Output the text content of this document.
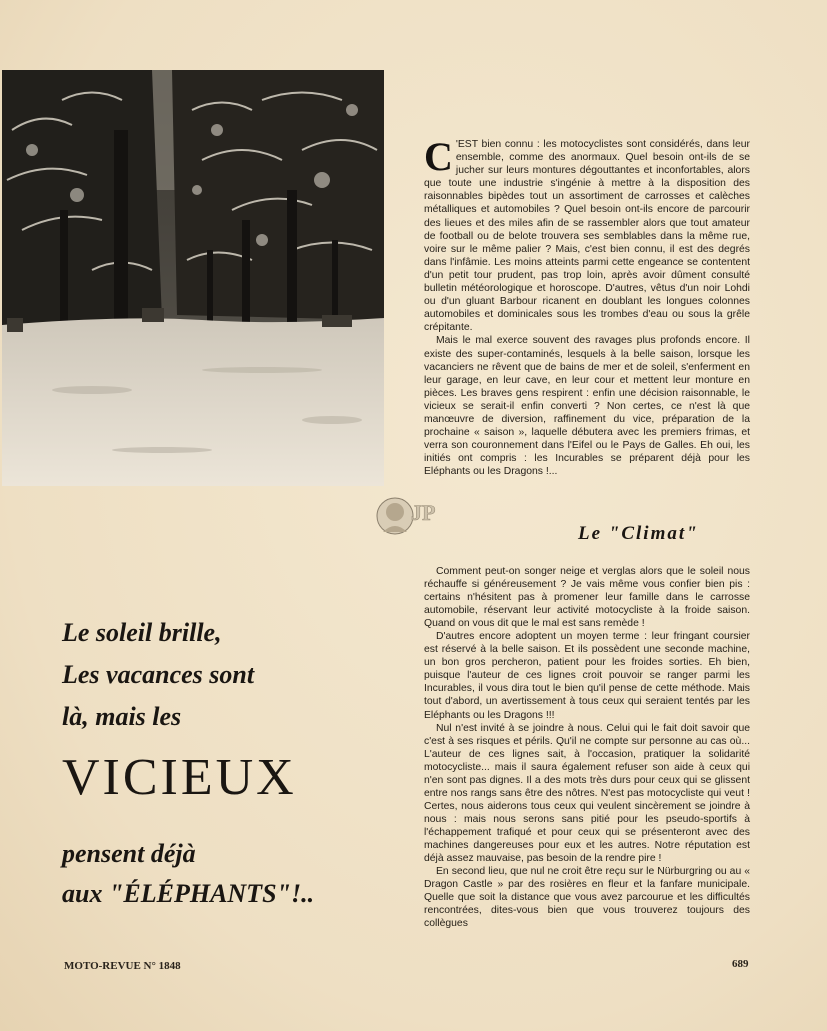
JP

C 'EST bien connu : les motocyclistes sont considérés, dans leur ensemble, comme des anormaux. Quel besoin ont-ils de se jucher sur leurs montures dégouttantes et inconfortables, alors que toute une industrie s'ingénie à mettre à la disposition des raisonnables bipèdes tout un assortiment de carrosses et calèches métalliques et automobiles ? Quel besoin ont-ils encore de parcourir des lieues et des miles afin de se rassembler alors que tout amateur de football ou de belote trouvera ses semblables dans la même rue, voire sur le même palier ? Mais, c'est bien connu, il est des degrés dans l'infâmie. Les moins atteints parmi cette engeance se contentent d'un petit tour prudent, pas trop loin, après avoir dûment consulté bulletin météorologique et horoscope. D'autres, vêtus d'un noir Lohdi ou d'un gluant Barbour ricanent en doublant les longues colonnes automobiles et dominicales sous les trombes d'eau ou sous la grêle crépitante.

Mais le mal exerce souvent des ravages plus profonds encore. Il existe des super-contaminés, lesquels à la belle saison, lorsque les vacanciers ne rêvent que de bains de mer et de soleil, s'enferment en leur garage, en leur cave, en leur cour et mettent leur monture en pièces. Les braves gens respirent : enfin une décision raisonnable, le vicieux se serait-il enfin converti ? Non certes, ce n'est là que manœuvre de diversion, raffinement du vice, préparation de la prochaine « saison », laquelle débutera avec les premiers frimas, et verra son couronnement dans l'Eifel ou le Pays de Galles. Eh oui, les initiés ont compris : les Incurables se préparent déjà pour les Eléphants ou les Dragons !...

Le "Climat"

Comment peut-on songer neige et verglas alors que le soleil nous réchauffe si généreusement ? Je vais même vous confier bien pis : certains n'hésitent pas à promener leur famille dans le carrosse automobile, réservant leur activité motocycliste à la froide saison. Quand on vous dit que le mal est sans remède !

D'autres encore adoptent un moyen terme : leur fringant coursier est réservé à la belle saison. Et ils possèdent une seconde machine, un bon gros percheron, patient pour les froides sorties. Eh bien, puisque l'auteur de ces lignes croit pouvoir se ranger parmi les Incurables, il vous dira tout le bien qu'il pense de cette méthode. Mais tout d'abord, un avertissement à tous ceux qui seraient tentés par les Eléphants ou les Dragons !!!

Nul n'est invité à se joindre à nous. Celui qui le fait doit savoir que c'est à ses risques et périls. Qu'il ne compte sur personne au cas où... L'auteur de ces lignes sait, à l'occasion, pratiquer la solidarité motocycliste... mais il saura également refuser son aide à ceux qui n'en sont pas dignes. Il a des mots très durs pour ceux qui se glissent entre nos rangs sans être des nôtres. N'est pas motocycliste qui veut ! Certes, nous aiderons tous ceux qui veulent sincèrement se joindre à nous : mais nous serons sans pitié pour les pseudo-sportifs à l'échappement trafiqué et pour ceux qui se présenteront avec des machines dangereuses pour eux et les autres. Notre réputation est déjà assez mauvaise, pas besoin de la rendre pire !

En second lieu, que nul ne croit être reçu sur le Nürburgring ou au « Dragon Castle » par des rosières en fleur et la fanfare municipale. Quelle que soit la distance que vous avez parcourue et les difficultés rencontrées, dites-vous bien que vous trouverez toujours des collègues

Le soleil brille,
Les vacances sont
là, mais les
VICIEUX
pensent déjà
aux "ÉLÉPHANTS"!..
MOTO-REVUE N° 1848	689
